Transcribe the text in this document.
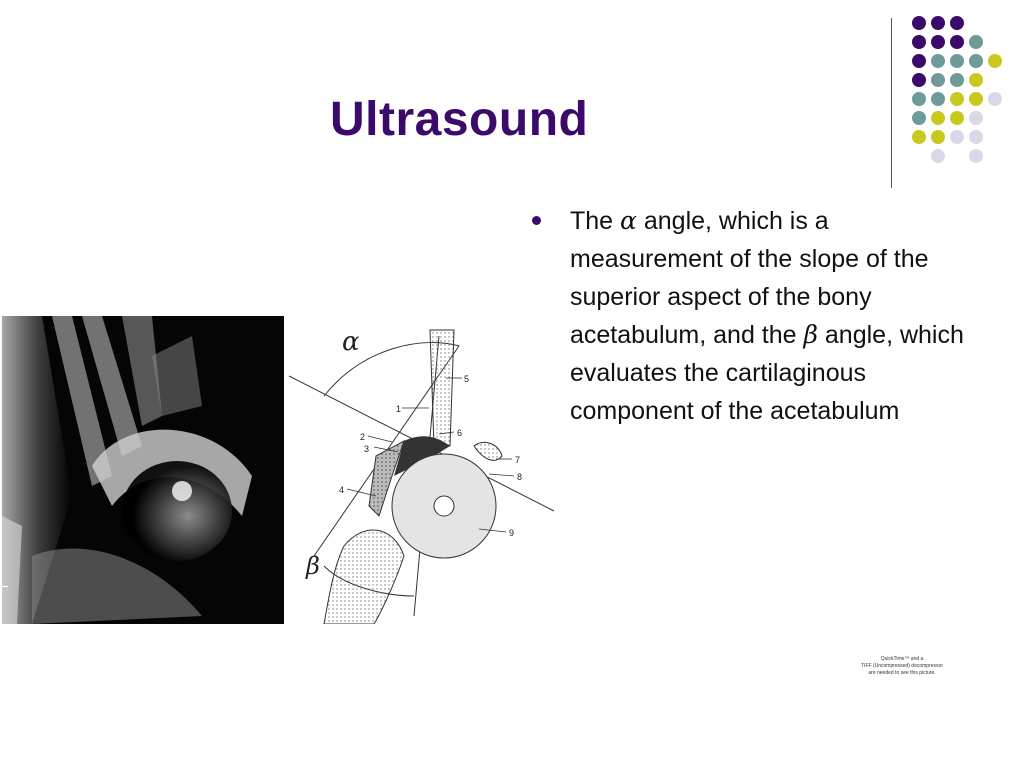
Ultrasound
The α angle, which is a measurement of the slope of the superior aspect of the bony acetabulum, and the β angle, which evaluates the cartilaginous component of the acetabulum
α
β
1
5
2
3
6
7
8
4
9
QuickTime™ and a
TIFF (Uncompressed) decompressor
are needed to see this picture.
